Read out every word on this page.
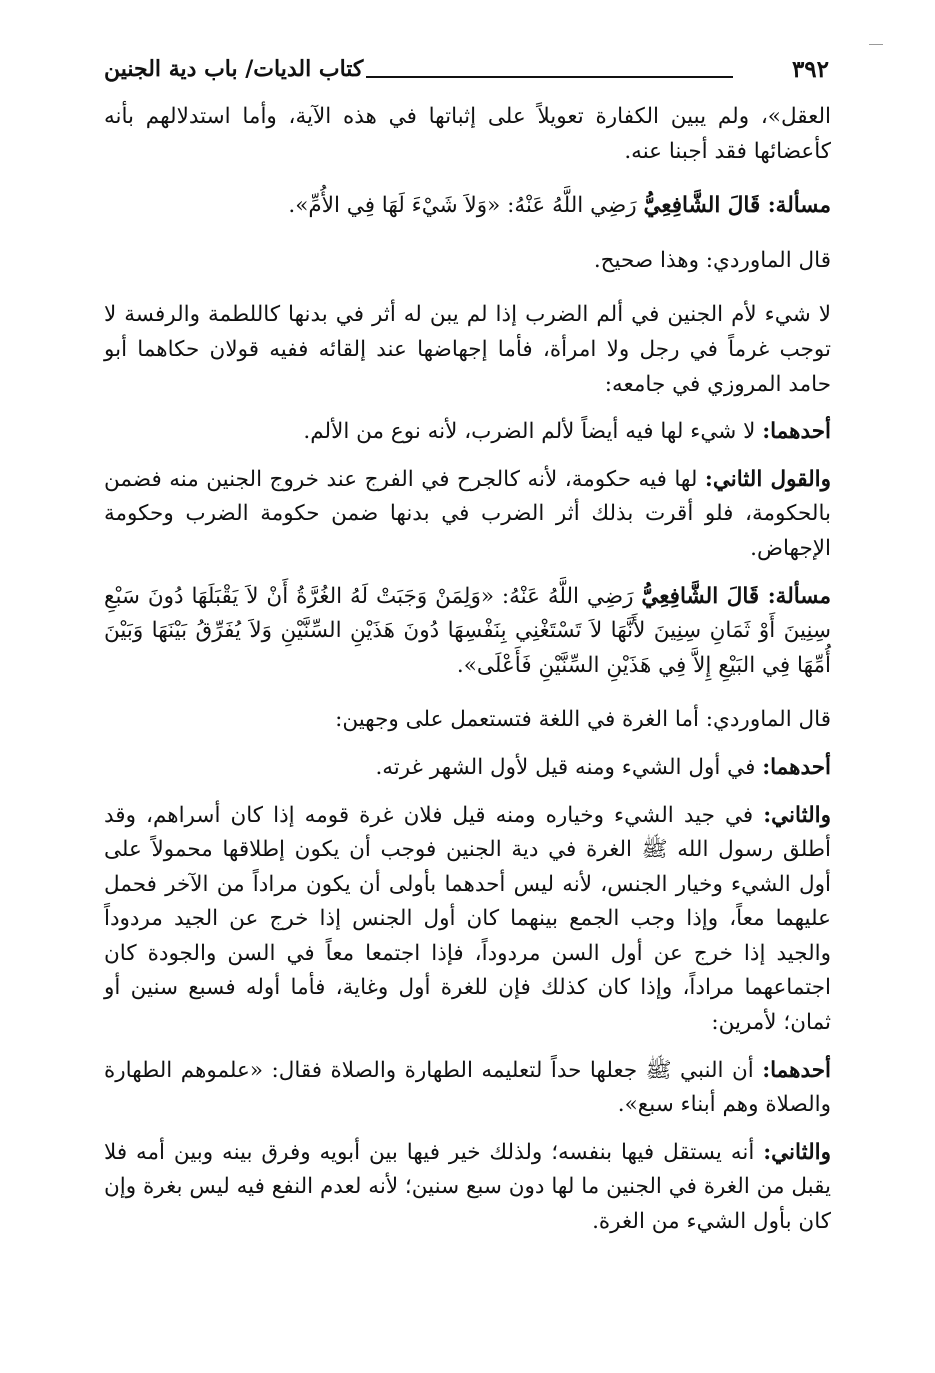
٣٩٢
كتاب الديات/ باب دية الجنين

العقل»، ولم يبين الكفارة تعويلاً على إثباتها في هذه الآية، وأما استدلالهم بأنه كأعضائها فقد أجبنا عنه.

مسألة: قَالَ الشَّافِعِيُّ رَضِي اللَّهُ عَنْهُ: «وَلاَ شَيْءَ لَهَا فِي الأُمِّ».

قال الماوردي: وهذا صحيح.

لا شيء لأم الجنين في ألم الضرب إذا لم يبن له أثر في بدنها كاللطمة والرفسة لا توجب غرماً في رجل ولا امرأة، فأما إجهاضها عند إلقائه ففيه قولان حكاهما أبو حامد المروزي في جامعه:

أحدهما: لا شيء لها فيه أيضاً لألم الضرب، لأنه نوع من الألم.

والقول الثاني: لها فيه حكومة، لأنه كالجرح في الفرج عند خروج الجنين منه فضمن بالحكومة، فلو أقرت بذلك أثر الضرب في بدنها ضمن حكومة الضرب وحكومة الإجهاض.

مسألة: قَالَ الشَّافِعِيُّ رَضِي اللَّهُ عَنْهُ: «وَلِمَنْ وَجَبَتْ لَهُ الغُرَّةُ أَنْ لاَ يَقْبَلَهَا دُونَ سَبْعِ سِنِينَ أَوْ ثَمَانِ سِنِينَ لأَنَّهَا لاَ تَسْتَغْنِي بِنَفْسِهَا دُونَ هَذَيْنِ السِّنَّيْنِ وَلاَ يُفَرِّقُ بَيْنَهَا وَبَيْنَ أُمِّهَا فِي البَيْعِ إِلاَّ فِي هَذَيْنِ السِّنَّيْنِ فَأَعْلَى».

قال الماوردي: أما الغرة في اللغة فتستعمل على وجهين:

أحدهما: في أول الشيء ومنه قيل لأول الشهر غرته.

والثاني: في جيد الشيء وخياره ومنه قيل فلان غرة قومه إذا كان أسراهم، وقد أطلق رسول الله ﷺ الغرة في دية الجنين فوجب أن يكون إطلاقها محمولاً على أول الشيء وخيار الجنس، لأنه ليس أحدهما بأولى أن يكون مراداً من الآخر فحمل عليهما معاً، وإذا وجب الجمع بينهما كان أول الجنس إذا خرج عن الجيد مردوداً والجيد إذا خرج عن أول السن مردوداً، فإذا اجتمعا معاً في السن والجودة كان اجتماعهما مراداً، وإذا كان كذلك فإن للغرة أول وغاية، فأما أوله فسبع سنين أو ثمان؛ لأمرين:

أحدهما: أن النبي ﷺ جعلها حداً لتعليمه الطهارة والصلاة فقال: «علموهم الطهارة والصلاة وهم أبناء سبع».

والثاني: أنه يستقل فيها بنفسه؛ ولذلك خير فيها بين أبويه وفرق بينه وبين أمه فلا يقبل من الغرة في الجنين ما لها دون سبع سنين؛ لأنه لعدم النفع فيه ليس بغرة وإن كان بأول الشيء من الغرة.
